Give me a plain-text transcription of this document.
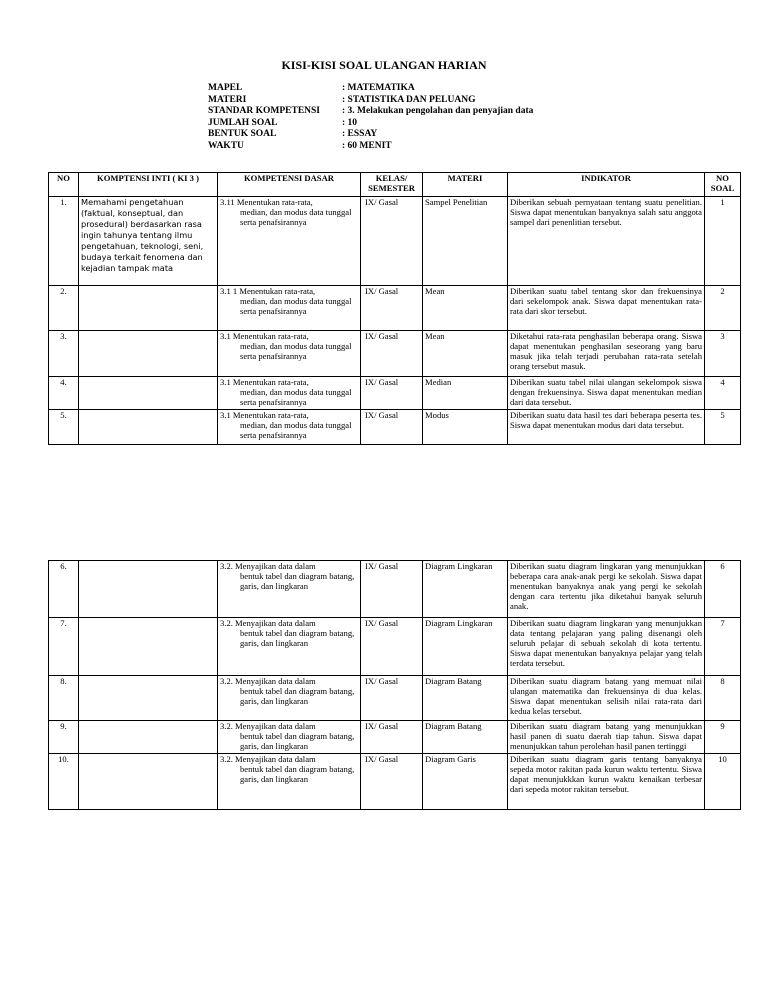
KISI-KISI SOAL ULANGAN HARIAN
MAPEL	: MATEMATIKA
MATERI	: STATISTIKA DAN PELUANG
STANDAR KOMPETENSI	: 3. Melakukan pengolahan dan penyajian data
JUMLAH SOAL	: 10
BENTUK SOAL	: ESSAY
WAKTU	: 60 MENIT
NO	KOMPTENSI INTI ( KI 3 )	KOMPETENSI DASAR	KELAS/ SEMESTER	MATERI	INDIKATOR	NO SOAL
1.	Memahami pengetahuan (faktual, konseptual, dan prosedural) berdasarkan rasa ingin tahunya tentang ilmu pengetahuan, teknologi, seni, budaya terkait fenomena dan kejadian tampak mata	3.11 Menentukan rata-rata,
median, dan modus data tunggal serta penafsirannya	IX/ Gasal	Sampel Penelitian	Diberikan sebuah pernyataan tentang suatu penelitian. Siswa dapat menentukan banyaknya salah satu anggota sampel dari penenlitian tersebut.	1
2.		3.1 1 Menentukan rata-rata,
median, dan modus data tunggal serta penafsirannya	IX/ Gasal	Mean	Diberikan suatu tabel tentang skor dan frekuensinya dari sekelompok anak. Siswa dapat menentukan rata-rata dari skor tersebut.	2
3.		3.1 Menentukan rata-rata,
median, dan modus data tunggal serta penafsirannya	IX/ Gasal	Mean	Diketahui rata-rata penghasilan beberapa orang. Siswa dapat menentukan penghasilan seseorang yang baru masuk jika telah terjadi perubahan rata-rata setelah orang tersebut masuk.	3
4.		3.1 Menentukan rata-rata,
median, dan modus data tunggal serta penafsirannya	IX/ Gasal	Median	Diberikan suatu tabel nilai ulangan sekelompok siswa dengan frekuensinya. Siswa dapat menentukan median dari data tersebut.	4
5.		3.1 Menentukan rata-rata,
median, dan modus data tunggal serta penafsirannya	IX/ Gasal	Modus	Diberikan suatu data hasil tes dari beberapa peserta tes. Siswa dapat menentukan modus dari data tersebut.	5
6.		3.2. Menyajikan data dalam
bentuk tabel dan diagram batang, garis, dan lingkaran	IX/ Gasal	Diagram Lingkaran	Diberikan suatu diagram lingkaran yang menunjukkan beberapa cara anak-anak pergi ke sekolah. Siswa dapat menentukan banyaknya anak yang pergi ke sekolah dengan cara tertentu jika diketahui banyak seluruh anak.	6
7.		3.2. Menyajikan data dalam
bentuk tabel dan diagram batang, garis, dan lingkaran	IX/ Gasal	Diagram Lingkaran	Diberikan suatu diagram lingkaran yang menunjukkan data tentang pelajaran yang paling disenangi oleh seluruh pelajar di sebuah sekolah di kota tertentu. Siswa dapat menentukan banyaknya pelajar yang telah terdata tersebut.	7
8.		3.2. Menyajikan data dalam
bentuk tabel dan diagram batang, garis, dan lingkaran	IX/ Gasal	Diagram Batang	Diberikan suatu diagram batang yang memuat nilai ulangan matematika dan frekuensinya di dua kelas. Siswa dapat menentukan selisih nilai rata-rata dari kedua kelas tersebut.	8
9.		3.2. Menyajikan data dalam
bentuk tabel dan diagram batang, garis, dan lingkaran	IX/ Gasal	Diagram Batang	Diberikan suatu diagram batang yang menunjukkan hasil panen di suatu daerah tiap tahun. Siswa dapat menunjukkan tahun perolehan hasil panen tertinggi	9
10.		3.2. Menyajikan data dalam
bentuk tabel dan diagram batang, garis, dan lingkaran	IX/ Gasal	Diagram Garis	Diberikan suatu diagram garis tentang banyaknya sepeda motor rakitan pada kurun waktu tertentu. Siswa dapat menunjukkkan kurun waktu kenaikan terbesar dari sepeda motor rakitan tersebut.	10
